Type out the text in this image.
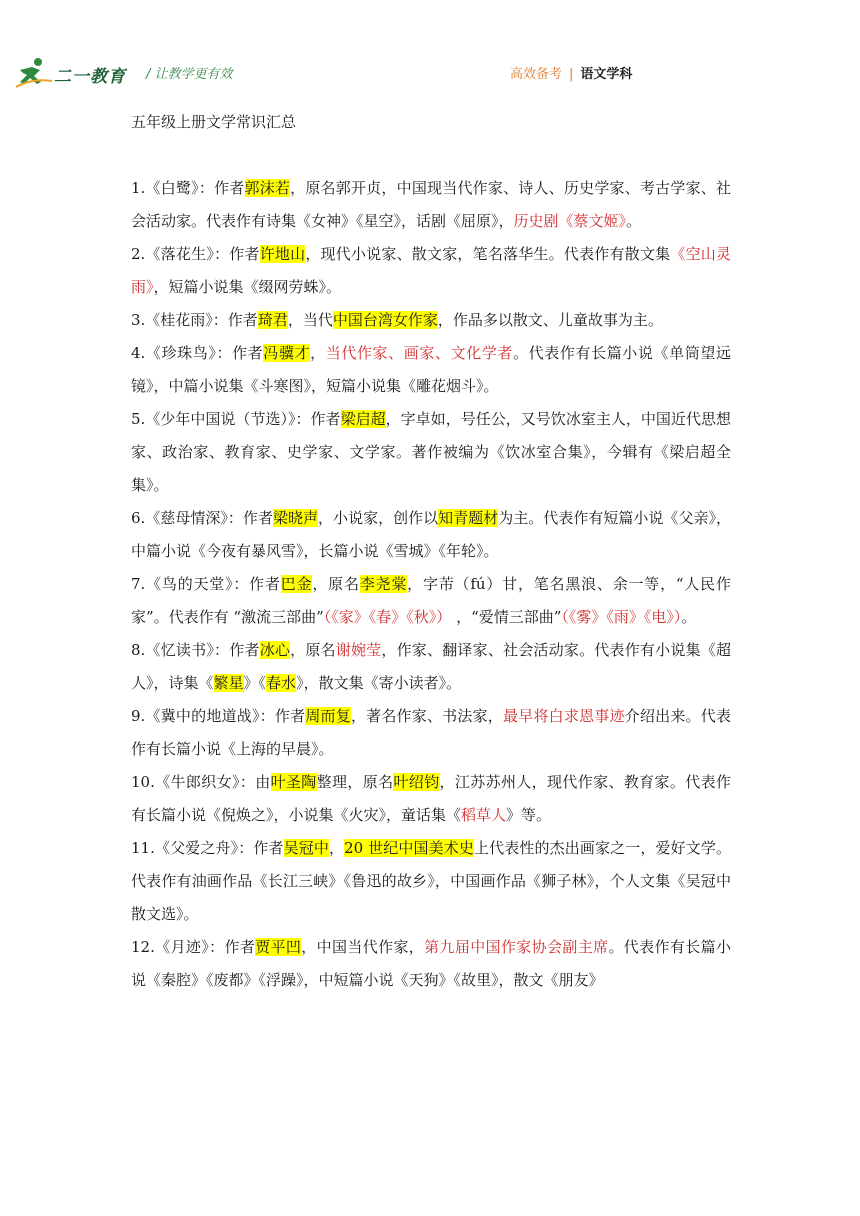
二一教育 / 让教学更有效	高效备考 | 语文学科

五年级上册文学常识汇总

1.《白鹭》：作者郭沫若，原名郭开贞，中国现当代作家、诗人、历史学家、考古学家、社会活动家。代表作有诗集《女神》《星空》，话剧《屈原》，历史剧《蔡文姬》。

2.《落花生》：作者许地山，现代小说家、散文家，笔名落华生。代表作有散文集《空山灵雨》，短篇小说集《缀网劳蛛》。

3.《桂花雨》：作者琦君，当代中国台湾女作家，作品多以散文、儿童故事为主。

4.《珍珠鸟》：作者冯骥才，当代作家、画家、文化学者。代表作有长篇小说《单筒望远镜》，中篇小说集《斗寒图》，短篇小说集《雕花烟斗》。

5.《少年中国说（节选）》：作者梁启超，字卓如，号任公，又号饮冰室主人，中国近代思想家、政治家、教育家、史学家、文学家。著作被编为《饮冰室合集》，今辑有《梁启超全集》。

6.《慈母情深》：作者梁晓声，小说家，创作以知青题材为主。代表作有短篇小说《父亲》，中篇小说《今夜有暴风雪》，长篇小说《雪城》《年轮》。

7.《鸟的天堂》：作者巴金，原名李尧棠，字芾（fú）甘，笔名黑浪、余一等，“人民作家”。代表作有 “激流三部曲”（《家》《春》《秋》） ，“爱情三部曲”（《雾》《雨》《电》）。

8.《忆读书》：作者冰心，原名谢婉莹，作家、翻译家、社会活动家。代表作有小说集《超人》，诗集《繁星》《春水》，散文集《寄小读者》。

9.《冀中的地道战》：作者周而复，著名作家、书法家，最早将白求恩事迹介绍出来。代表作有长篇小说《上海的早晨》。

10.《牛郎织女》：由叶圣陶整理，原名叶绍钧，江苏苏州人，现代作家、教育家。代表作有长篇小说《倪焕之》，小说集《火灾》，童话集《稻草人》等。

11.《父爱之舟》：作者吴冠中，20 世纪中国美术史上代表性的杰出画家之一，爱好文学。代表作有油画作品《长江三峡》《鲁迅的故乡》，中国画作品《狮子林》，个人文集《吴冠中散文选》。

12.《月迹》：作者贾平凹，中国当代作家，第九届中国作家协会副主席。代表作有长篇小说《秦腔》《废都》《浮躁》，中短篇小说《天狗》《故里》，散文《朋友》
